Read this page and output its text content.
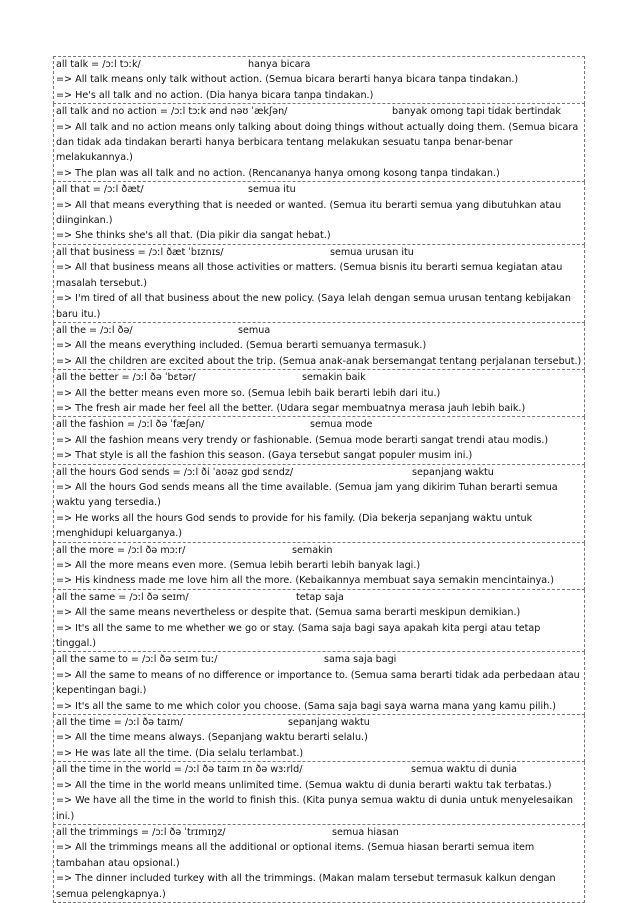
all talk = /ɔːl tɔːk/	hanya bicara
=> All talk means only talk without action. (Semua bicara berarti hanya bicara tanpa tindakan.)
=> He's all talk and no action. (Dia hanya bicara tanpa tindakan.)
all talk and no action = /ɔːl tɔːk ənd nəʊ ˈækʃən/	banyak omong tapi tidak bertindak
=> All talk and no action means only talking about doing things without actually doing them. (Semua bicara dan tidak ada tindakan berarti hanya berbicara tentang melakukan sesuatu tanpa benar-benar melakukannya.)
=> The plan was all talk and no action. (Rencananya hanya omong kosong tanpa tindakan.)
all that = /ɔːl ðæt/	semua itu
=> All that means everything that is needed or wanted. (Semua itu berarti semua yang dibutuhkan atau diinginkan.)
=> She thinks she's all that. (Dia pikir dia sangat hebat.)
all that business = /ɔːl ðæt ˈbɪznɪs/	semua urusan itu
=> All that business means all those activities or matters. (Semua bisnis itu berarti semua kegiatan atau masalah tersebut.)
=> I'm tired of all that business about the new policy. (Saya lelah dengan semua urusan tentang kebijakan baru itu.)
all the = /ɔːl ðə/	semua
=> All the means everything included. (Semua berarti semuanya termasuk.)
=> All the children are excited about the trip. (Semua anak-anak bersemangat tentang perjalanan tersebut.)
all the better = /ɔːl ðə ˈbɛtər/	semakin baik
=> All the better means even more so. (Semua lebih baik berarti lebih dari itu.)
=> The fresh air made her feel all the better. (Udara segar membuatnya merasa jauh lebih baik.)
all the fashion = /ɔːl ðə ˈfæʃən/	semua mode
=> All the fashion means very trendy or fashionable. (Semua mode berarti sangat trendi atau modis.)
=> That style is all the fashion this season. (Gaya tersebut sangat populer musim ini.)
all the hours God sends = /ɔːl ði ˈaʊəz gɒd sɛndz/	sepanjang waktu
=> All the hours God sends means all the time available. (Semua jam yang dikirim Tuhan berarti semua waktu yang tersedia.)
=> He works all the hours God sends to provide for his family. (Dia bekerja sepanjang waktu untuk menghidupi keluarganya.)
all the more = /ɔːl ðə mɔːr/	semakin
=> All the more means even more. (Semua lebih berarti lebih banyak lagi.)
=> His kindness made me love him all the more. (Kebaikannya membuat saya semakin mencintainya.)
all the same = /ɔːl ðə seɪm/	tetap saja
=> All the same means nevertheless or despite that. (Semua sama berarti meskipun demikian.)
=> It's all the same to me whether we go or stay. (Sama saja bagi saya apakah kita pergi atau tetap tinggal.)
all the same to = /ɔːl ðə seɪm tuː/	sama saja bagi
=> All the same to means of no difference or importance to. (Semua sama berarti tidak ada perbedaan atau kepentingan bagi.)
=> It's all the same to me which color you choose. (Sama saja bagi saya warna mana yang kamu pilih.)
all the time = /ɔːl ðə taɪm/	sepanjang waktu
=> All the time means always. (Sepanjang waktu berarti selalu.)
=> He was late all the time. (Dia selalu terlambat.)
all the time in the world = /ɔːl ðə taɪm ɪn ðə wɜːrld/	semua waktu di dunia
=> All the time in the world means unlimited time. (Semua waktu di dunia berarti waktu tak terbatas.)
=> We have all the time in the world to finish this. (Kita punya semua waktu di dunia untuk menyelesaikan ini.)
all the trimmings = /ɔːl ðə ˈtrɪmɪŋz/	semua hiasan
=> All the trimmings means all the additional or optional items. (Semua hiasan berarti semua item tambahan atau opsional.)
=> The dinner included turkey with all the trimmings. (Makan malam tersebut termasuk kalkun dengan semua pelengkapnya.)
